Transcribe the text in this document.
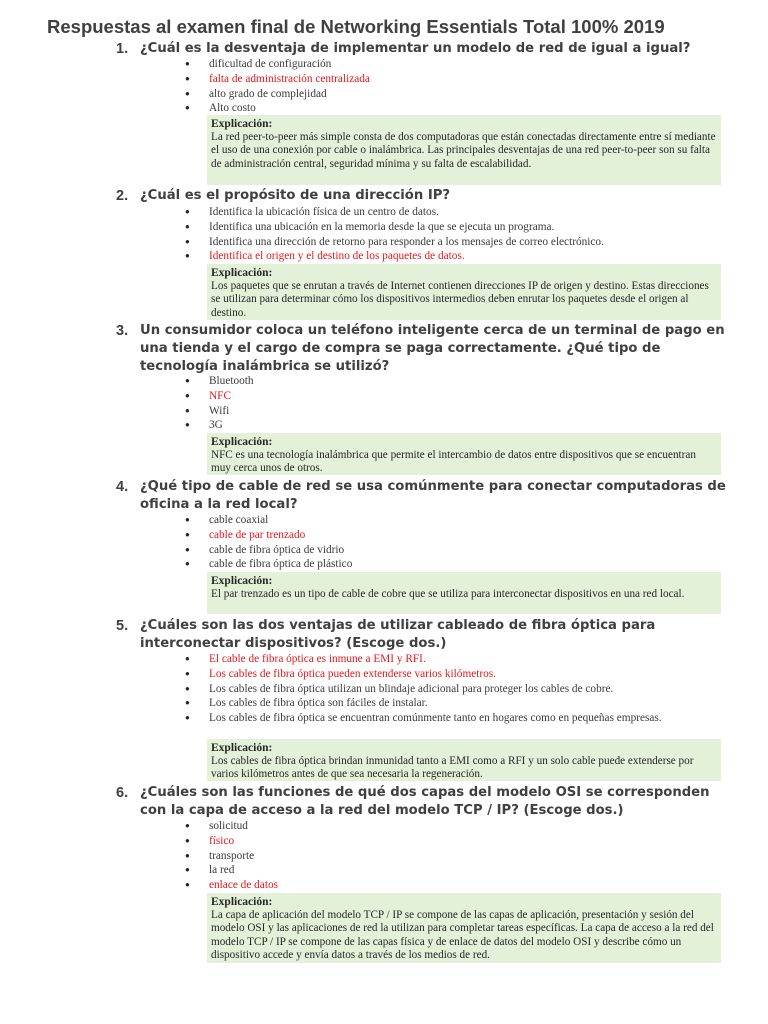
Respuestas al examen final de Networking Essentials Total 100% 2019
1. ¿Cuál es la desventaja de implementar un modelo de red de igual a igual?

● dificultad de configuración
● falta de administración centralizada
● alto grado de complejidad
● Alto costo
Explicación:
La red peer-to-peer más simple consta de dos computadoras que están conectadas directamente entre sí mediante el uso de una conexión por cable o inalámbrica. Las principales desventajas de una red peer-to-peer son su falta de administración central, seguridad mínima y su falta de escalabilidad.
2. ¿Cuál es el propósito de una dirección IP?

● Identifica la ubicación física de un centro de datos.
● Identifica una ubicación en la memoria desde la que se ejecuta un programa.
● Identifica una dirección de retorno para responder a los mensajes de correo electrónico.
● Identifica el origen y el destino de los paquetes de datos.
Explicación:
Los paquetes que se enrutan a través de Internet contienen direcciones IP de origen y destino. Estas direcciones se utilizan para determinar cómo los dispositivos intermedios deben enrutar los paquetes desde el origen al destino.
3. Un consumidor coloca un teléfono inteligente cerca de un terminal de pago en una tienda y el cargo de compra se paga correctamente. ¿Qué tipo de tecnología inalámbrica se utilizó?

● Bluetooth
● NFC
● Wifi
● 3G
Explicación:
NFC es una tecnología inalámbrica que permite el intercambio de datos entre dispositivos que se encuentran muy cerca unos de otros.
4. ¿Qué tipo de cable de red se usa comúnmente para conectar computadoras de oficina a la red local?

● cable coaxial
● cable de par trenzado
● cable de fibra óptica de vidrio
● cable de fibra óptica de plástico
Explicación:
El par trenzado es un tipo de cable de cobre que se utiliza para interconectar dispositivos en una red local.
5. ¿Cuáles son las dos ventajas de utilizar cableado de fibra óptica para interconectar dispositivos? (Escoge dos.)

● El cable de fibra óptica es inmune a EMI y RFI.
● Los cables de fibra óptica pueden extenderse varios kilómetros.
● Los cables de fibra óptica utilizan un blindaje adicional para proteger los cables de cobre.
● Los cables de fibra óptica son fáciles de instalar.
● Los cables de fibra óptica se encuentran comúnmente tanto en hogares como en pequeñas empresas.
Explicación:
Los cables de fibra óptica brindan inmunidad tanto a EMI como a RFI y un solo cable puede extenderse por varios kilómetros antes de que sea necesaria la regeneración.
6. ¿Cuáles son las funciones de qué dos capas del modelo OSI se corresponden con la capa de acceso a la red del modelo TCP / IP? (Escoge dos.)

● solicitud
● físico
● transporte
● la red
● enlace de datos
Explicación:
La capa de aplicación del modelo TCP / IP se compone de las capas de aplicación, presentación y sesión del modelo OSI y las aplicaciones de red la utilizan para completar tareas específicas. La capa de acceso a la red del modelo TCP / IP se compone de las capas física y de enlace de datos del modelo OSI y describe cómo un dispositivo accede y envía datos a través de los medios de red.
